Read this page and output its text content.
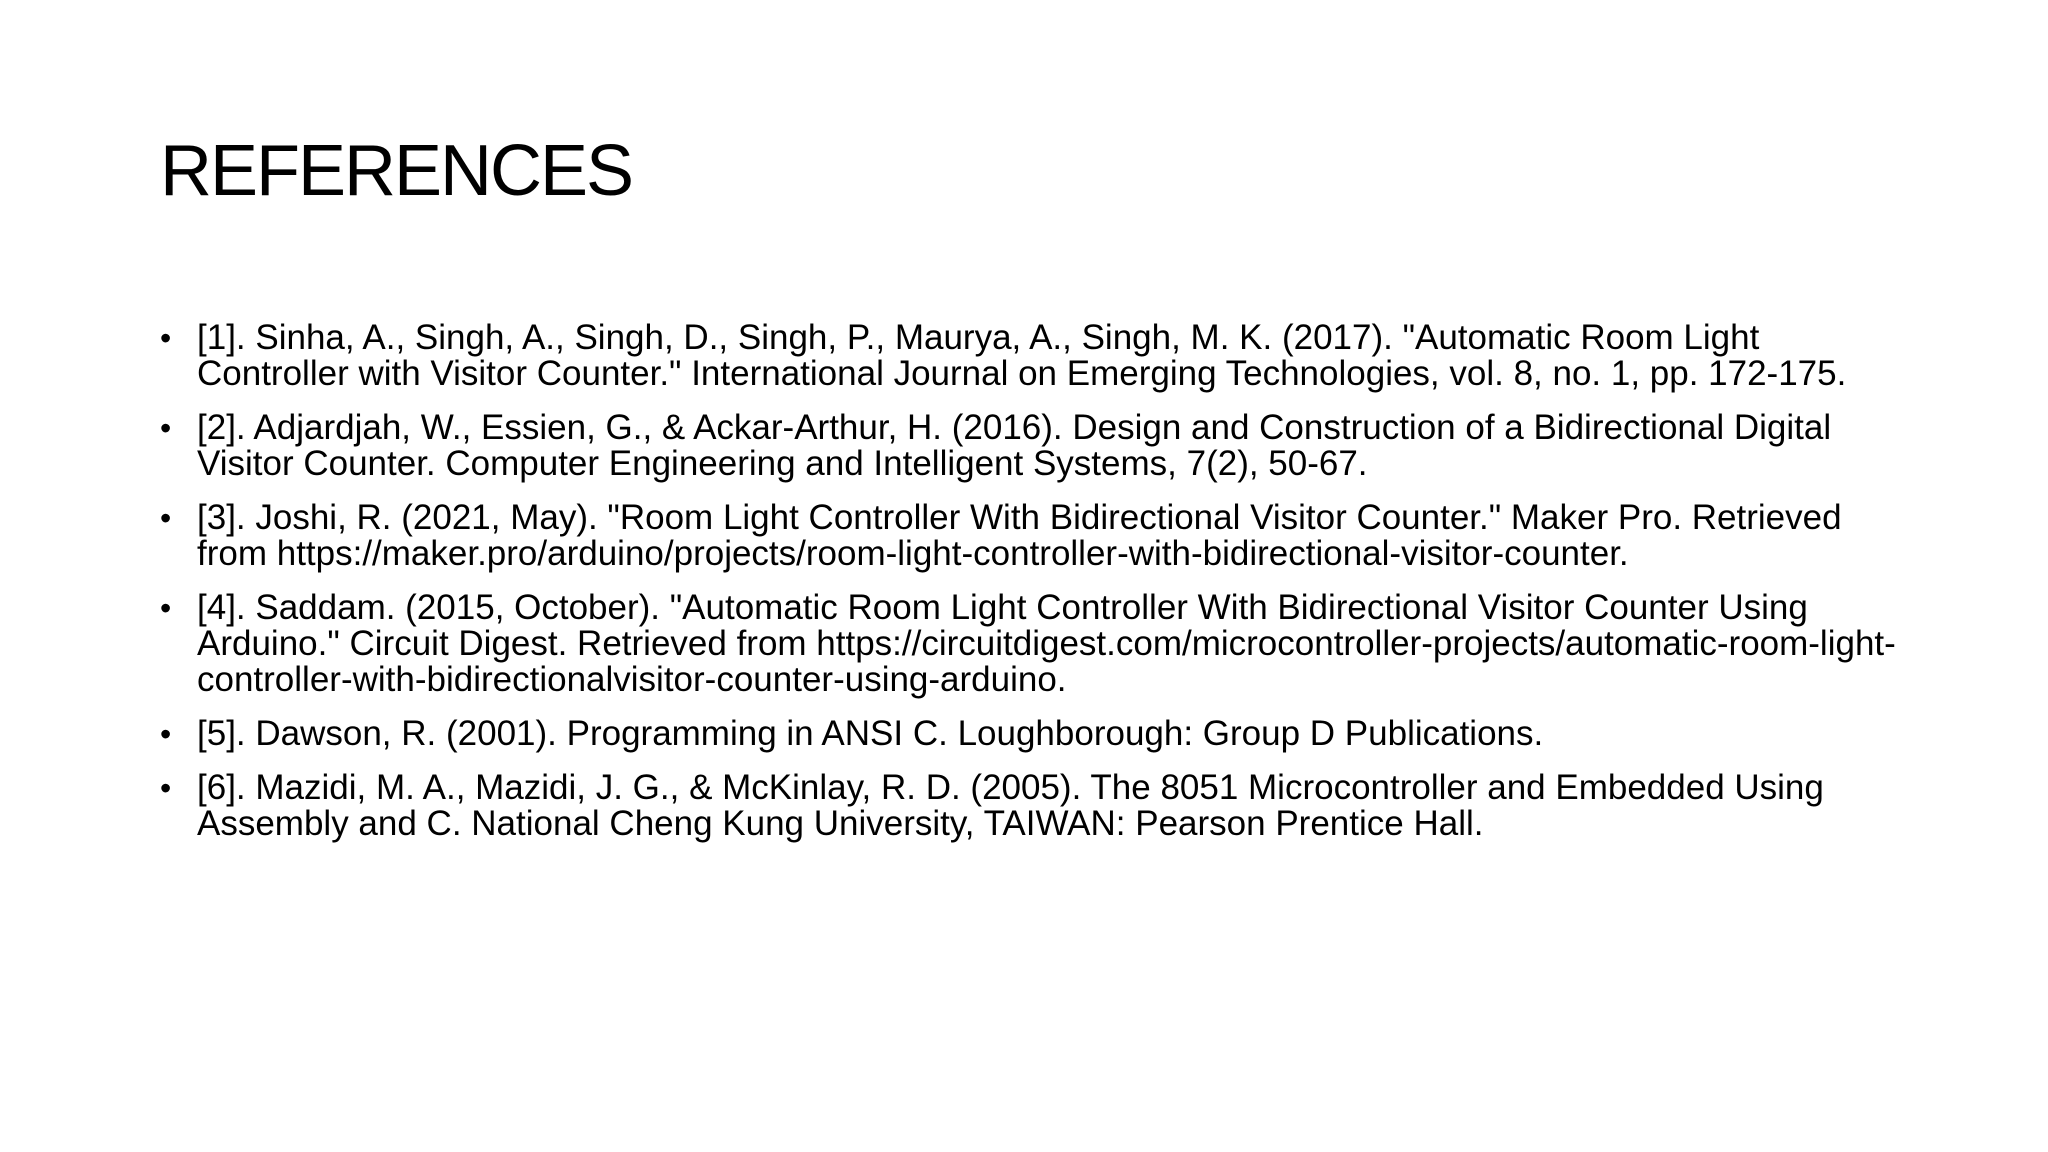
REFERENCES
• [1]. Sinha, A., Singh, A., Singh, D., Singh, P., Maurya, A., Singh, M. K. (2017). "Automatic Room Light Controller with Visitor Counter." International Journal on Emerging Technologies, vol. 8, no. 1, pp. 172-175.
• [2]. Adjardjah, W., Essien, G., & Ackar-Arthur, H. (2016). Design and Construction of a Bidirectional Digital Visitor Counter. Computer Engineering and Intelligent Systems, 7(2), 50-67.
• [3]. Joshi, R. (2021, May). "Room Light Controller With Bidirectional Visitor Counter." Maker Pro. Retrieved from https://maker.pro/arduino/projects/room-light-controller-with-bidirectional-visitor-counter.
• [4]. Saddam. (2015, October). "Automatic Room Light Controller With Bidirectional Visitor Counter Using Arduino." Circuit Digest. Retrieved from https://circuitdigest.com/microcontroller-projects/automatic-room-light-controller-with-bidirectionalvisitor-counter-using-arduino.
• [5]. Dawson, R. (2001). Programming in ANSI C. Loughborough: Group D Publications.
• [6]. Mazidi, M. A., Mazidi, J. G., & McKinlay, R. D. (2005). The 8051 Microcontroller and Embedded Using Assembly and C. National Cheng Kung University, TAIWAN: Pearson Prentice Hall.
